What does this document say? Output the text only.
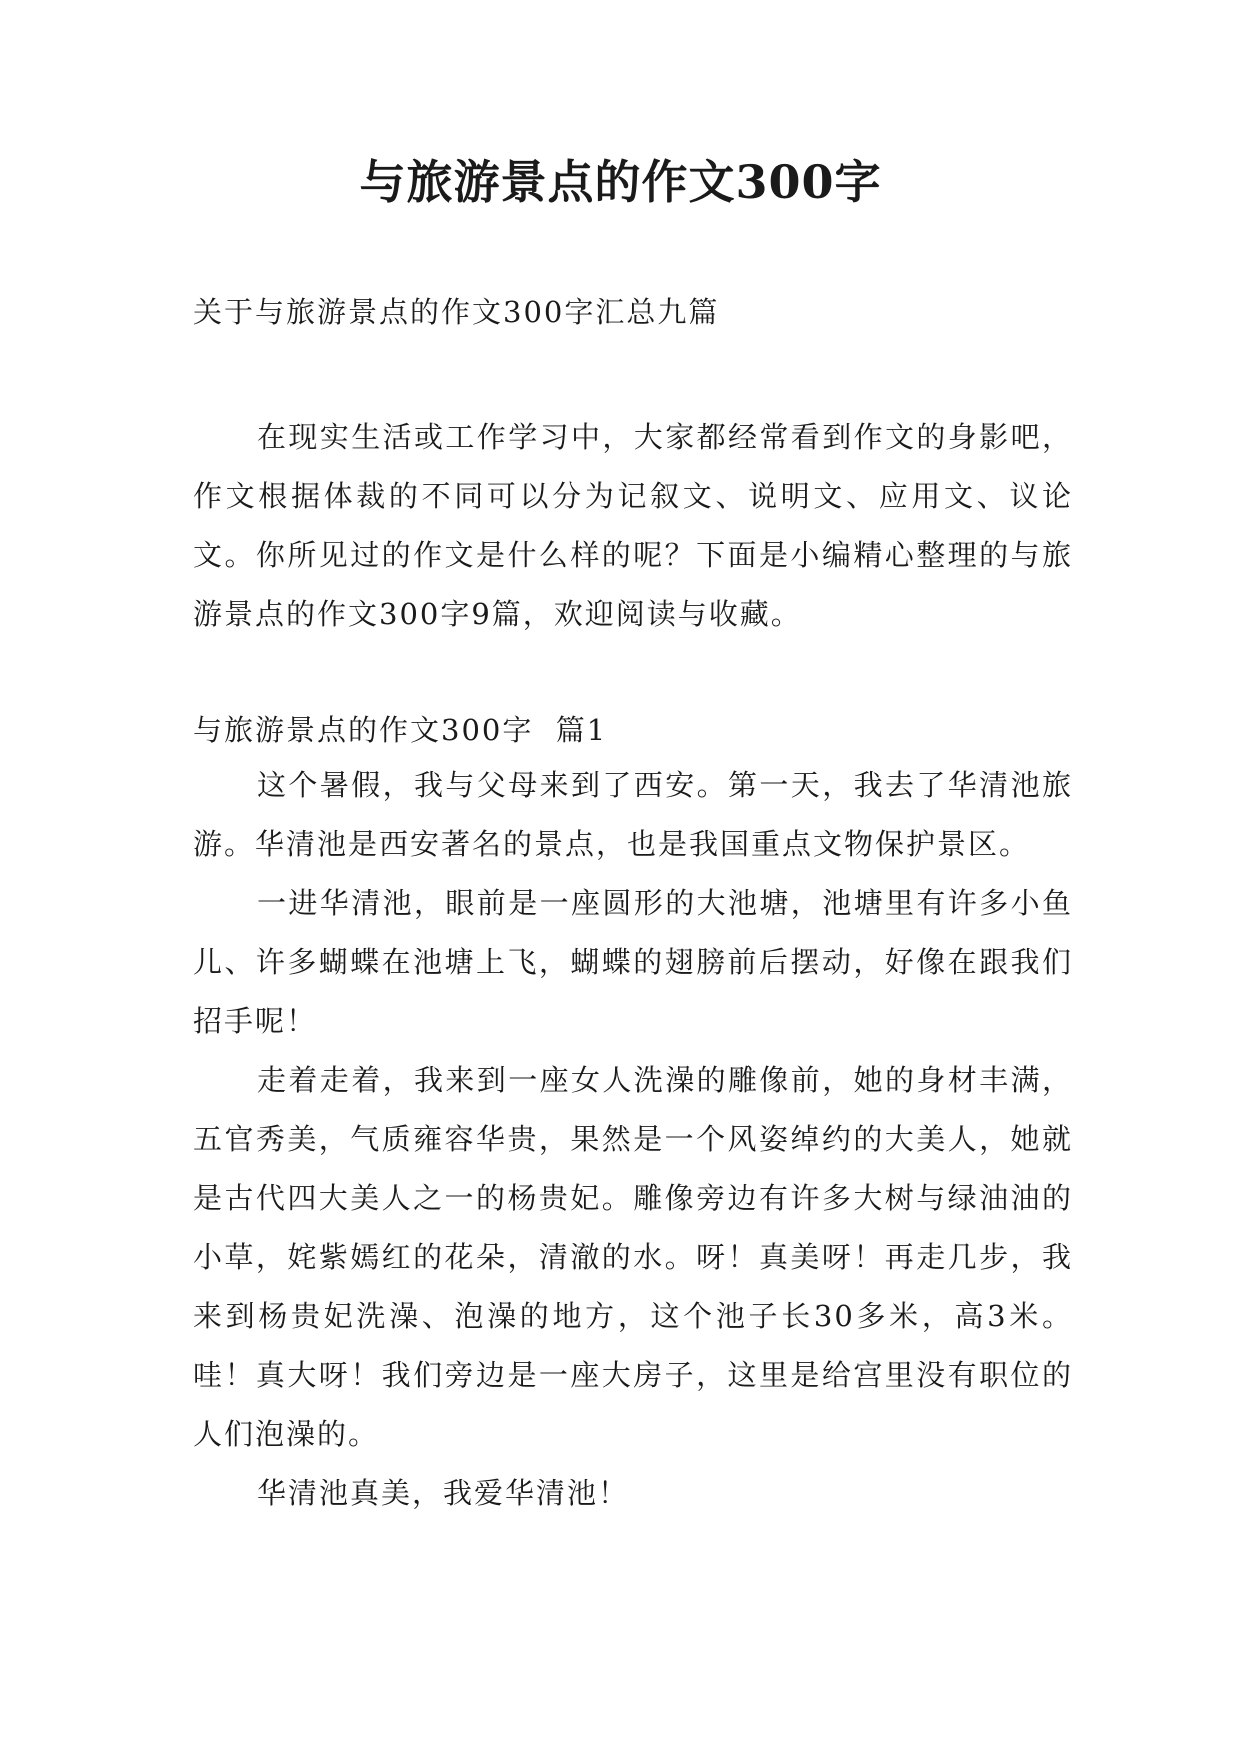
与旅游景点的作文300字
关于与旅游景点的作文300字汇总九篇

在现实生活或工作学习中，大家都经常看到作文的身影吧，作文根据体裁的不同可以分为记叙文、说明文、应用文、议论文。你所见过的作文是什么样的呢？下面是小编精心整理的与旅游景点的作文300字9篇，欢迎阅读与收藏。

与旅游景点的作文300字  篇1

这个暑假，我与父母来到了西安。第一天，我去了华清池旅游。华清池是西安著名的景点，也是我国重点文物保护景区。

一进华清池，眼前是一座圆形的大池塘，池塘里有许多小鱼儿、许多蝴蝶在池塘上飞，蝴蝶的翅膀前后摆动，好像在跟我们招手呢！

走着走着，我来到一座女人洗澡的雕像前，她的身材丰满，五官秀美，气质雍容华贵，果然是一个风姿绰约的大美人，她就是古代四大美人之一的杨贵妃。雕像旁边有许多大树与绿油油的小草，姹紫嫣红的花朵，清澈的水。呀！真美呀！再走几步，我来到杨贵妃洗澡、泡澡的地方，这个池子长30多米，高3米。哇！真大呀！我们旁边是一座大房子，这里是给宫里没有职位的人们泡澡的。

华清池真美，我爱华清池！
